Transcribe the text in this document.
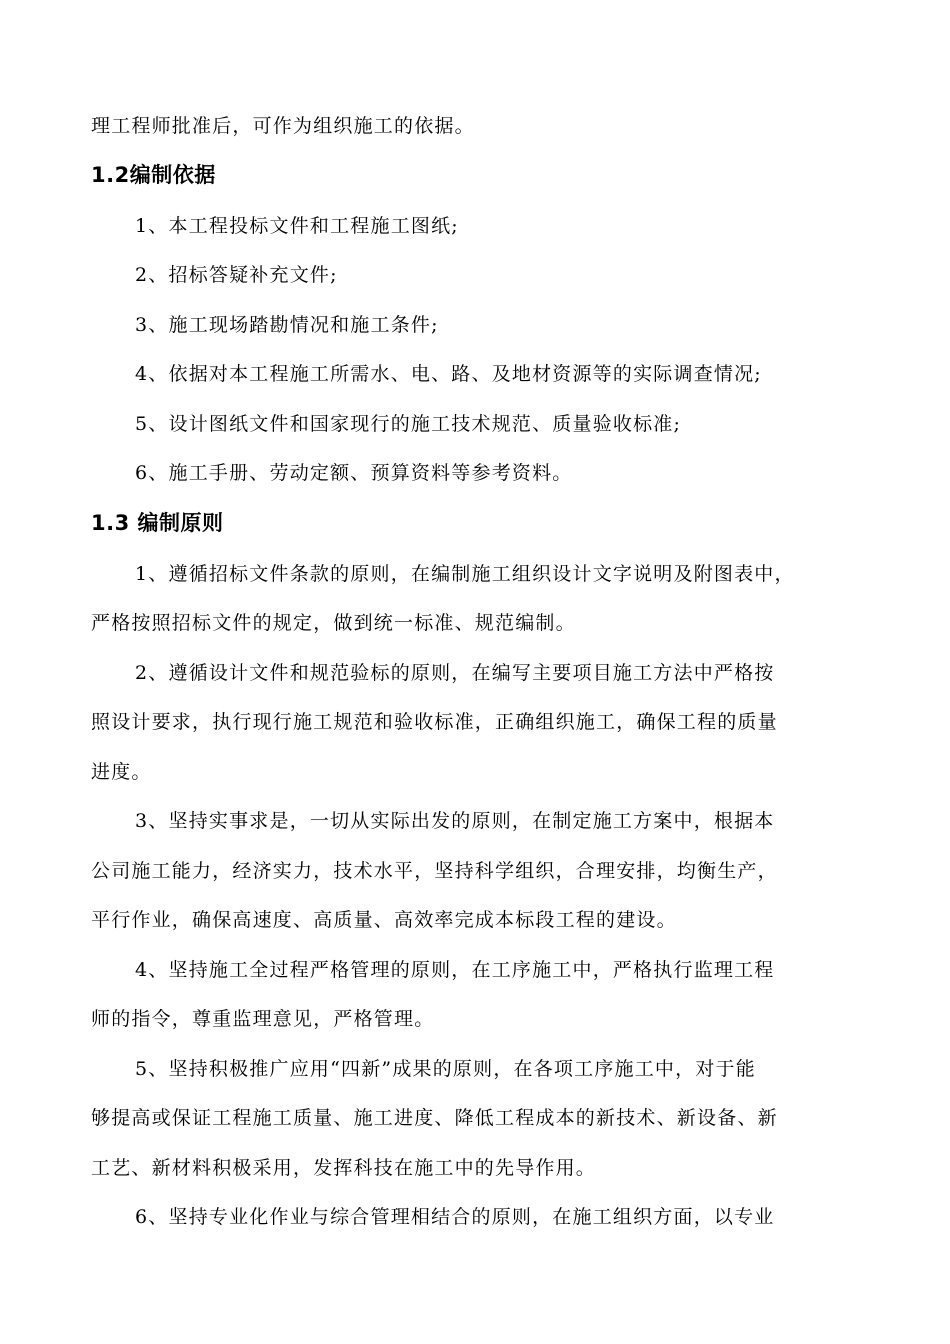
理工程师批准后，可作为组织施工的依据。
1.2编制依据
1、本工程投标文件和工程施工图纸;
2、招标答疑补充文件;
3、施工现场踏勘情况和施工条件;
4、依据对本工程施工所需水、电、路、及地材资源等的实际调查情况;
5、设计图纸文件和国家现行的施工技术规范、质量验收标准;
6、施工手册、劳动定额、预算资料等参考资料。
1.3 编制原则
1、遵循招标文件条款的原则，在编制施工组织设计文字说明及附图表中，
严格按照招标文件的规定，做到统一标准、规范编制。
2、遵循设计文件和规范验标的原则，在编写主要项目施工方法中严格按
照设计要求，执行现行施工规范和验收标准，正确组织施工，确保工程的质量
进度。
3、坚持实事求是，一切从实际出发的原则，在制定施工方案中，根据本
公司施工能力，经济实力，技术水平，坚持科学组织，合理安排，均衡生产，
平行作业，确保高速度、高质量、高效率完成本标段工程的建设。
4、坚持施工全过程严格管理的原则，在工序施工中，严格执行监理工程
师的指令，尊重监理意见，严格管理。
5、坚持积极推广应用“四新”成果的原则，在各项工序施工中，对于能
够提高或保证工程施工质量、施工进度、降低工程成本的新技术、新设备、新
工艺、新材料积极采用，发挥科技在施工中的先导作用。
6、坚持专业化作业与综合管理相结合的原则，在施工组织方面，以专业
